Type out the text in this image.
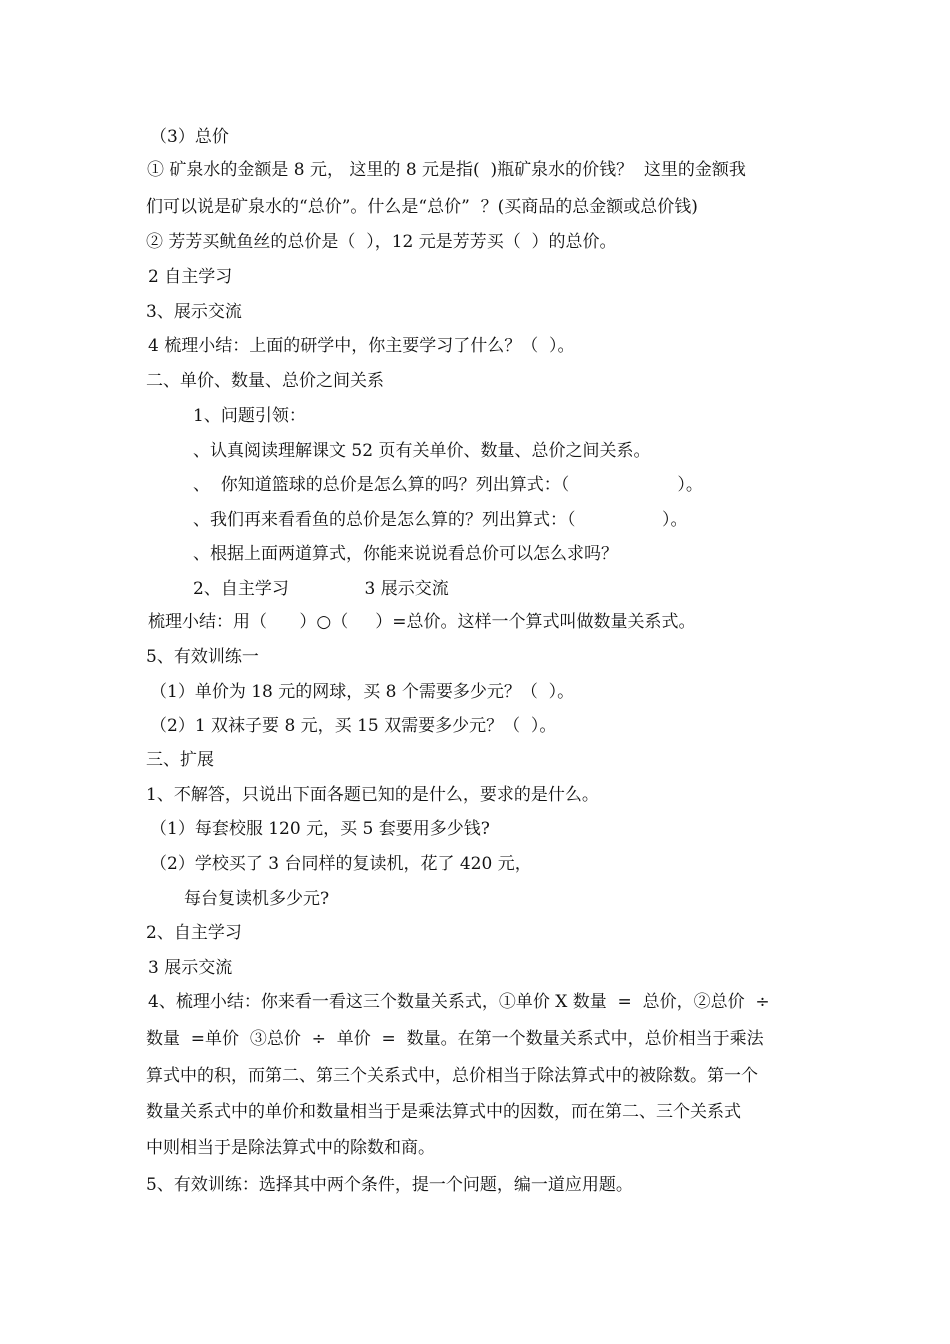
（3）总价
① 矿泉水的金额是 8 元， 这里的 8 元是指(  )瓶矿泉水的价钱？  这里的金额我
们可以说是矿泉水的“总价”。什么是“总价”  ？(买商品的总金额或总价钱)
② 芳芳买鱿鱼丝的总价是（  ），12 元是芳芳买（  ）的总价。
2 自主学习
3、展示交流
4 梳理小结：上面的研学中，你主要学习了什么？（  ）。
二、单价、数量、总价之间关系
1、问题引领：
、认真阅读理解课文 52 页有关单价、数量、总价之间关系。
、  你知道篮球的总价是怎么算的吗？列出算式：（                    ）。
、我们再来看看鱼的总价是怎么算的？列出算式：（                ）。
、根据上面两道算式，你能来说说看总价可以怎么求吗？
2、自主学习              3 展示交流
梳理小结：用（      ）○（     ）=总价。这样一个算式叫做数量关系式。
5、有效训练一
（1）单价为 18 元的网球，买 8 个需要多少元？（  ）。
（2）1 双袜子要 8 元，买 15 双需要多少元？（  ）。
三、扩展
1、不解答，只说出下面各题已知的是什么，要求的是什么。
（1）每套校服 120 元，买 5 套要用多少钱?
（2）学校买了 3 台同样的复读机，花了 420 元，
每台复读机多少元?
2、自主学习
3 展示交流
4、梳理小结：你来看一看这三个数量关系式，①单价 X 数量  =  总价，②总价  ÷
数量  =单价  ③总价  ÷  单价  =  数量。在第一个数量关系式中，总价相当于乘法
算式中的积，而第二、第三个关系式中，总价相当于除法算式中的被除数。第一个
数量关系式中的单价和数量相当于是乘法算式中的因数，而在第二、三个关系式
中则相当于是除法算式中的除数和商。
5、有效训练：选择其中两个条件，提一个问题，编一道应用题。
